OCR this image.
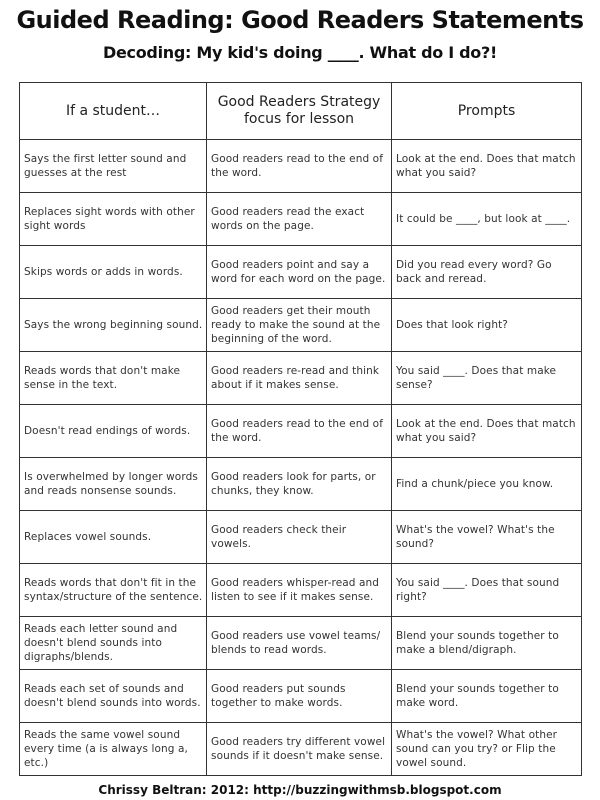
Guided Reading: Good Readers Statements
Decoding: My kid's doing ____. What do I do?!
If a student…	Good Readers Strategy focus for lesson	Prompts
Says the first letter sound and guesses at the rest	Good readers read to the end of the word.	Look at the end. Does that match what you said?
Replaces sight words with other sight words	Good readers read the exact words on the page.	It could be ____, but look at ____.
Skips words or adds in words.	Good readers point and say a word for each word on the page.	Did you read every word? Go back and reread.
Says the wrong beginning sound.	Good readers get their mouth ready to make the sound at the beginning of the word.	Does that look right?
Reads words that don't make sense in the text.	Good readers re-read and think about if it makes sense.	You said ____. Does that make sense?
Doesn't read endings of words.	Good readers read to the end of the word.	Look at the end. Does that match what you said?
Is overwhelmed by longer words and reads nonsense sounds.	Good readers look for parts, or chunks, they know.	Find a chunk/piece you know.
Replaces vowel sounds.	Good readers check their vowels.	What's the vowel? What's the sound?
Reads words that don't fit in the syntax/structure of the sentence.	Good readers whisper-read and listen to see if it makes sense.	You said ____. Does that sound right?
Reads each letter sound and doesn't blend sounds into digraphs/blends.	Good readers use vowel teams/ blends to read words.	Blend your sounds together to make a blend/digraph.
Reads each set of sounds and doesn't blend sounds into words.	Good readers put sounds together to make words.	Blend your sounds together to make word.
Reads the same vowel sound every time (a is always long a, etc.)	Good readers try different vowel sounds if it doesn't make sense.	What's the vowel? What other sound can you try? or Flip the vowel sound.
Chrissy Beltran: 2012: http://buzzingwithmsb.blogspot.com
